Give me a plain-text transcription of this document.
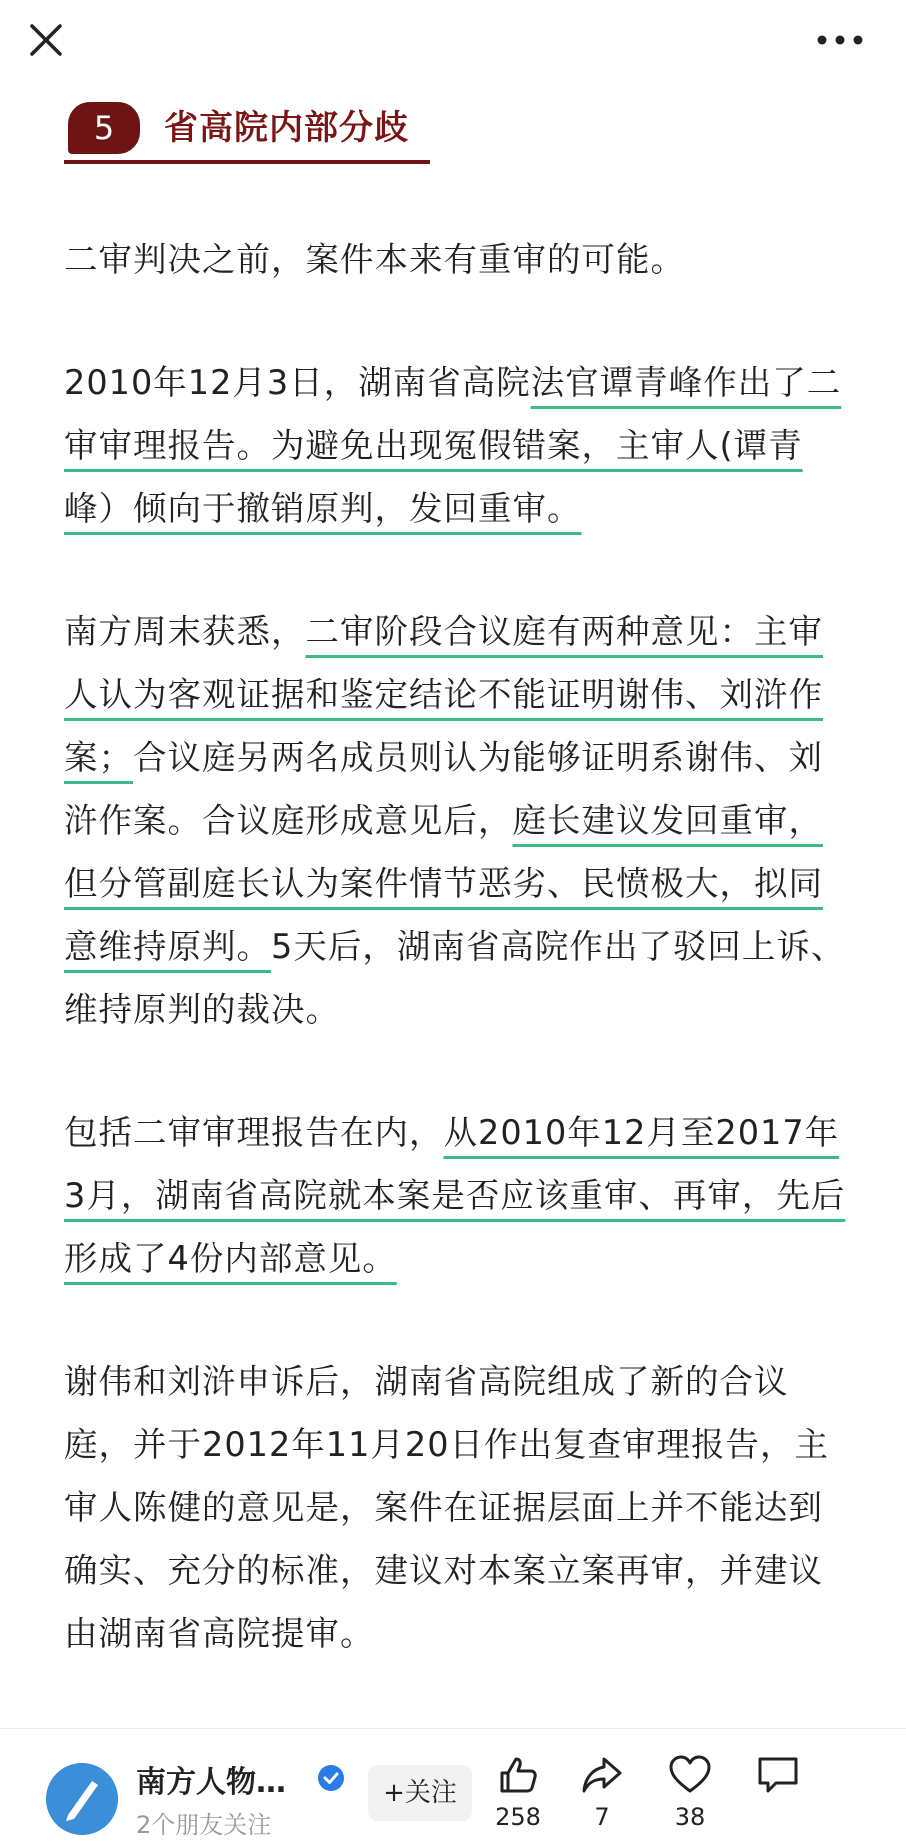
5	省高院内部分歧

二审判决之前，案件本来有重审的可能。

2010年12月3日，湖南省高院法官谭青峰作出了二审审理报告。为避免出现冤假错案，主审人(谭青峰）倾向于撤销原判，发回重审。

南方周末获悉，二审阶段合议庭有两种意见：主审人认为客观证据和鉴定结论不能证明谢伟、刘浒作案；合议庭另两名成员则认为能够证明系谢伟、刘浒作案。合议庭形成意见后，庭长建议发回重审，但分管副庭长认为案件情节恶劣、民愤极大，拟同意维持原判。5天后，湖南省高院作出了驳回上诉、维持原判的裁决。

包括二审审理报告在内，从2010年12月至2017年3月，湖南省高院就本案是否应该重审、再审，先后形成了4份内部意见。

谢伟和刘浒申诉后，湖南省高院组成了新的合议庭，并于2012年11月20日作出复查审理报告，主审人陈健的意见是，案件在证据层面上并不能达到确实、充分的标准，建议对本案立案再审，并建议由湖南省高院提审。

南方人物…
2个朋友关注
+关注
258	7	38
